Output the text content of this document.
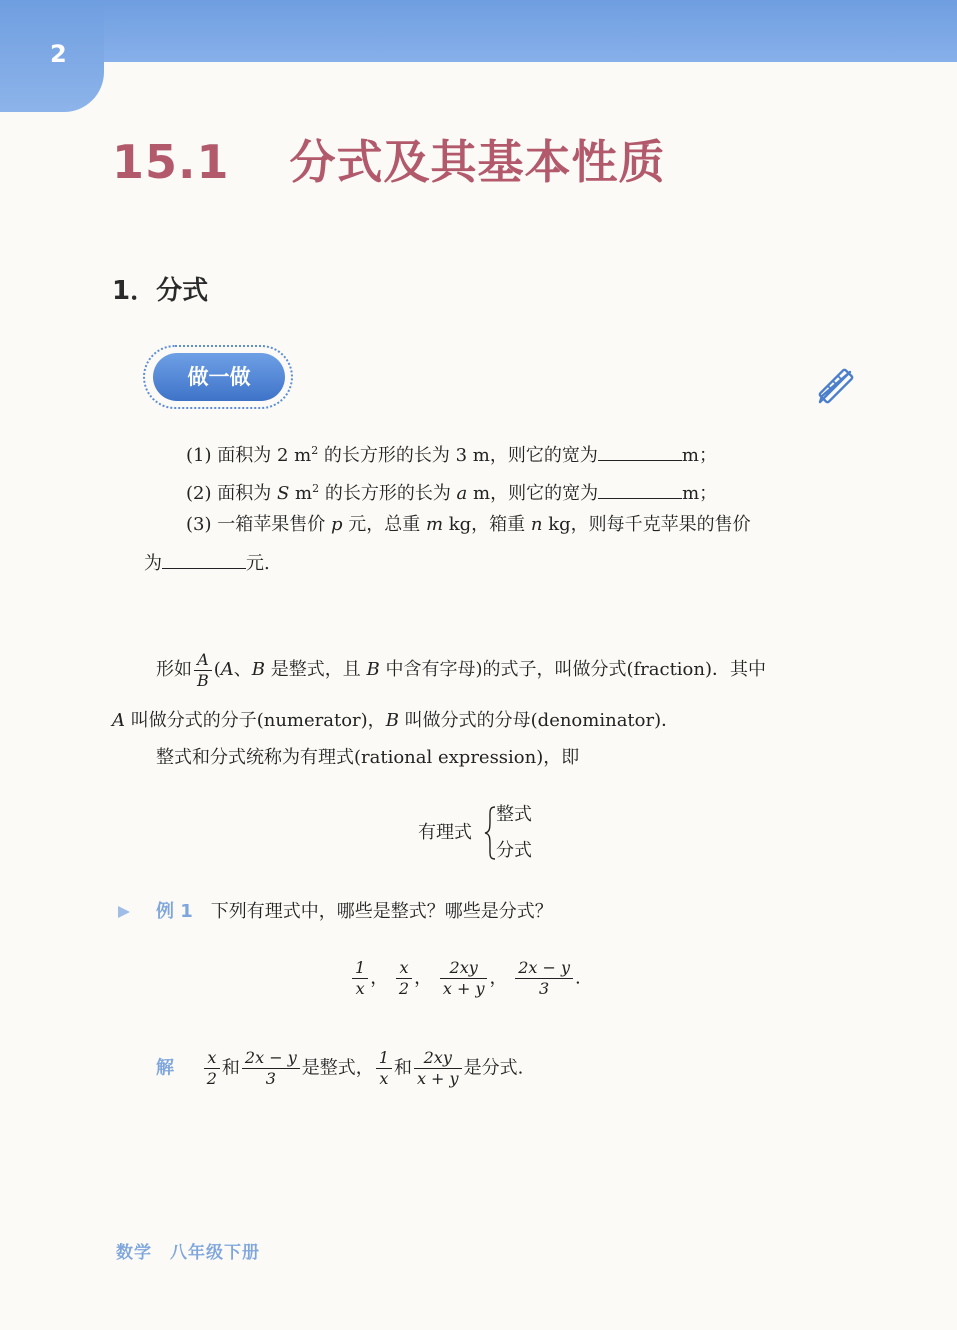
2
15.1 分式及其基本性质
1．分式
做一做
(1) 面积为 2 $m^2$ 的长方形的长为 3 m，则它的宽为	m；
(2) 面积为 S $m^2$ 的长方形的长为 a m，则它的宽为	m；
(3) 一箱苹果售价 p 元，总重 m kg，箱重 n kg，则每千克苹果的售价
为	元.
形如 $\frac{A}{B} (A$、B 是整式，且 B 中含有字母)的式子，叫做分式(fraction)．其中
A 叫做分式的分子(numerator)，B 叫做分式的分母(denominator)．
整式和分式统称为有理式(rational expression)，即
有理式
整式
分式
例 1 下列有理式中，哪些是整式？哪些是分式？
$\frac{1}{x}$ ， $\frac{x}{2}$ ， $\frac{2xy}{x + y}$ ， $\frac{2x - y}{3}$ .
解 $\frac{x}{2}$ 和 $\frac{2x - y}{3}$ 是整式， $\frac{1}{x}$ 和 $\frac{2xy}{x + y}$ 是分式.
数学 八年级下册
